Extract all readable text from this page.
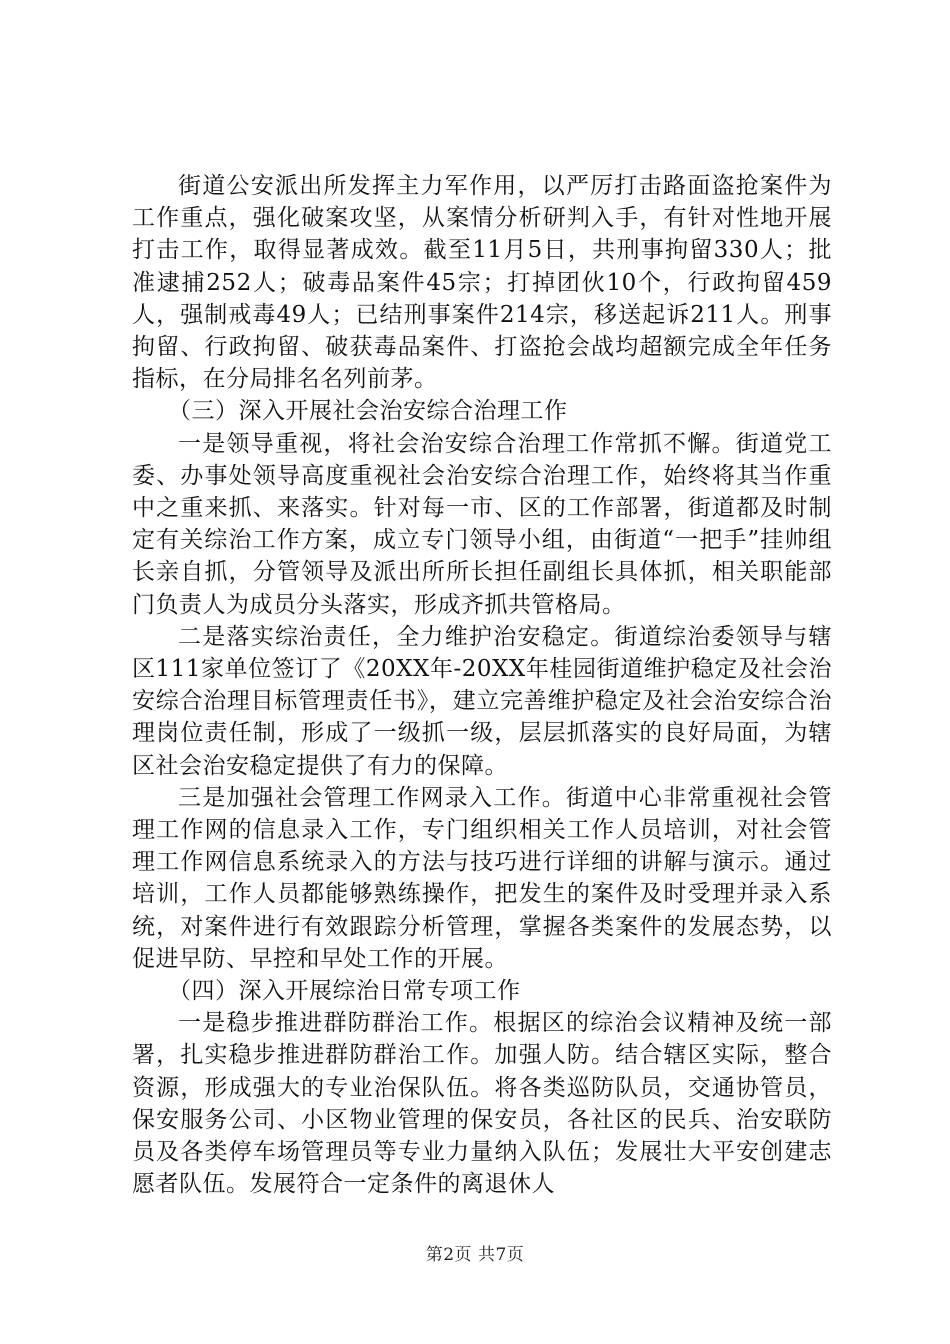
街道公安派出所发挥主力军作用，以严厉打击路面盗抢案件为工作重点，强化破案攻坚，从案情分析研判入手，有针对性地开展打击工作，取得显著成效。截至11月5日，共刑事拘留330人；批准逮捕252人；破毒品案件45宗；打掉团伙10个，行政拘留459人，强制戒毒49人；已结刑事案件214宗，移送起诉211人。刑事拘留、行政拘留、破获毒品案件、打盗抢会战均超额完成全年任务指标，在分局排名名列前茅。

（三）深入开展社会治安综合治理工作

一是领导重视，将社会治安综合治理工作常抓不懈。街道党工委、办事处领导高度重视社会治安综合治理工作，始终将其当作重中之重来抓、来落实。针对每一市、区的工作部署，街道都及时制定有关综治工作方案，成立专门领导小组，由街道“一把手”挂帅组长亲自抓，分管领导及派出所所长担任副组长具体抓，相关职能部门负责人为成员分头落实，形成齐抓共管格局。

二是落实综治责任，全力维护治安稳定。街道综治委领导与辖区111家单位签订了《20XX年-20XX年桂园街道维护稳定及社会治安综合治理目标管理责任书》，建立完善维护稳定及社会治安综合治理岗位责任制，形成了一级抓一级，层层抓落实的良好局面，为辖区社会治安稳定提供了有力的保障。

三是加强社会管理工作网录入工作。街道中心非常重视社会管理工作网的信息录入工作，专门组织相关工作人员培训，对社会管理工作网信息系统录入的方法与技巧进行详细的讲解与演示。通过培训，工作人员都能够熟练操作，把发生的案件及时受理并录入系统，对案件进行有效跟踪分析管理，掌握各类案件的发展态势，以促进早防、早控和早处工作的开展。

（四）深入开展综治日常专项工作

一是稳步推进群防群治工作。根据区的综治会议精神及统一部署，扎实稳步推进群防群治工作。加强人防。结合辖区实际，整合资源，形成强大的专业治保队伍。将各类巡防队员，交通协管员，保安服务公司、小区物业管理的保安员，各社区的民兵、治安联防员及各类停车场管理员等专业力量纳入队伍；发展壮大平安创建志愿者队伍。发展符合一定条件的离退休人

第2页 共7页
